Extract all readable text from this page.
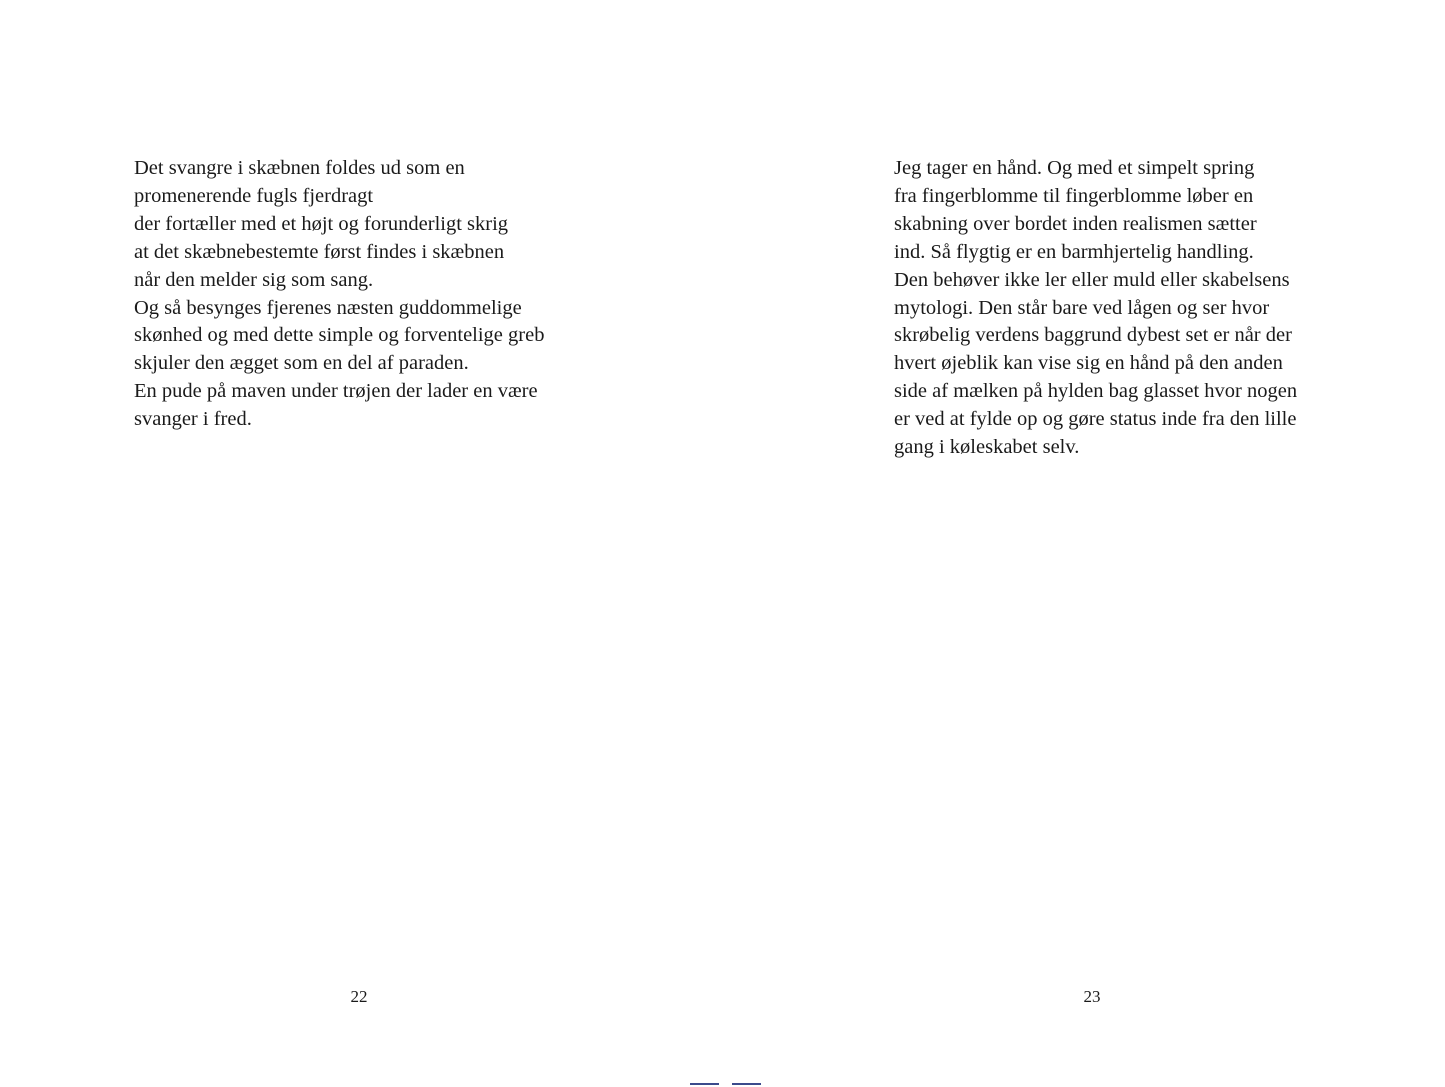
Det svangre i skæbnen foldes ud som en
promenerende fugls fjerdragt
der fortæller med et højt og forunderligt skrig
at det skæbnebestemte først findes i skæbnen
når den melder sig som sang.
Og så besynges fjerenes næsten guddommelige
skønhed og med dette simple og forventelige greb
skjuler den ægget som en del af paraden.
En pude på maven under trøjen der lader en være
svanger i fred.
22
Jeg tager en hånd. Og med et simpelt spring
fra fingerblomme til fingerblomme løber en
skabning over bordet inden realismen sætter
ind. Så flygtig er en barmhjertelig handling.
Den behøver ikke ler eller muld eller skabelsens
mytologi. Den står bare ved lågen og ser hvor
skrøbelig verdens baggrund dybest set er når der
hvert øjeblik kan vise sig en hånd på den anden
side af mælken på hylden bag glasset hvor nogen
er ved at fylde op og gøre status inde fra den lille
gang i køleskabet selv.
23
